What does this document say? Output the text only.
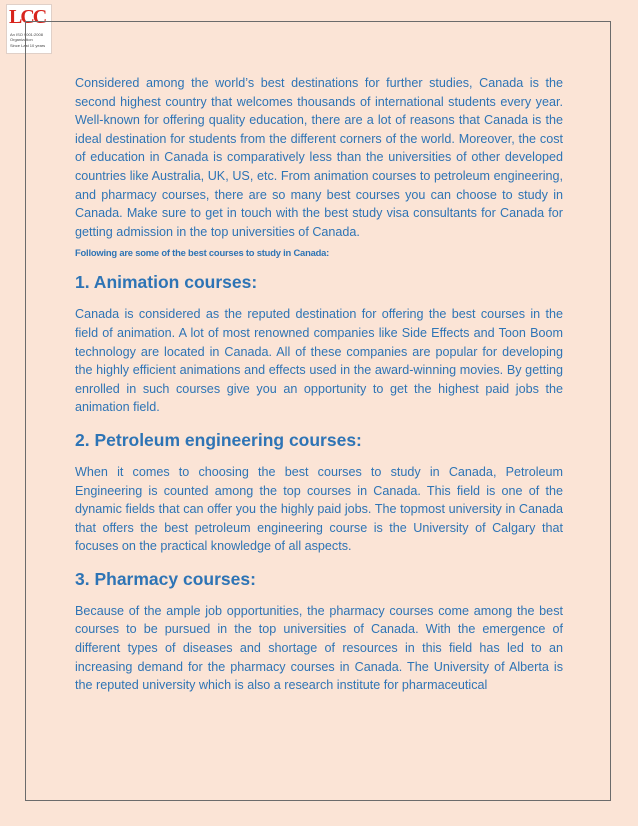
LCC
An ISO 9001:2008
Organization
Since Last 10 years

Considered among the world’s best destinations for further studies, Canada is the second highest country that welcomes thousands of international students every year. Well-known for offering quality education, there are a lot of reasons that Canada is the ideal destination for students from the different corners of the world. Moreover, the cost of education in Canada is comparatively less than the universities of other developed countries like Australia, UK, US, etc. From animation courses to petroleum engineering, and pharmacy courses, there are so many best courses you can choose to study in Canada. Make sure to get in touch with the best study visa consultants for Canada for getting admission in the top universities of Canada.

Following are some of the best courses to study in Canada:

1. Animation courses:

Canada is considered as the reputed destination for offering the best courses in the field of animation. A lot of most renowned companies like Side Effects and Toon Boom technology are located in Canada. All of these companies are popular for developing the highly efficient animations and effects used in the award-winning movies. By getting enrolled in such courses give you an opportunity to get the highest paid jobs the animation field.

2. Petroleum engineering courses:

When it comes to choosing the best courses to study in Canada, Petroleum Engineering is counted among the top courses in Canada. This field is one of the dynamic fields that can offer you the highly paid jobs. The topmost university in Canada that offers the best petroleum engineering course is the University of Calgary that focuses on the practical knowledge of all aspects.

3. Pharmacy courses:

Because of the ample job opportunities, the pharmacy courses come among the best courses to be pursued in the top universities of Canada. With the emergence of different types of diseases and shortage of resources in this field has led to an increasing demand for the pharmacy courses in Canada. The University of Alberta is the reputed university which is also a research institute for pharmaceutical
